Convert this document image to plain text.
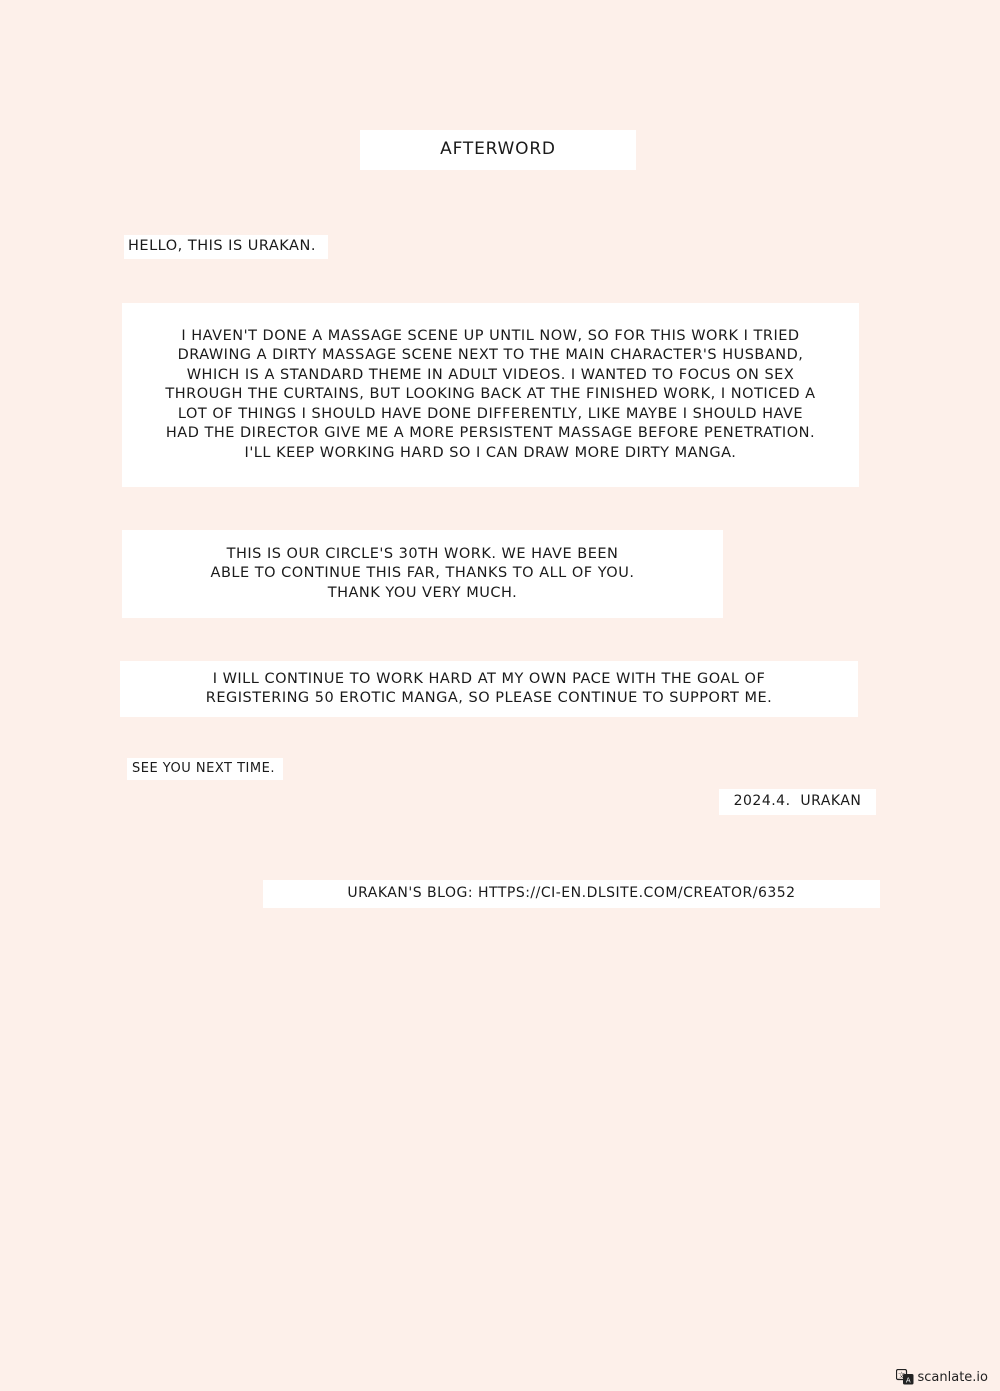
AFTERWORD
HELLO, THIS IS URAKAN.
I HAVEN'T DONE A MASSAGE SCENE UP UNTIL NOW, SO FOR THIS WORK I TRIED
DRAWING A DIRTY MASSAGE SCENE NEXT TO THE MAIN CHARACTER'S HUSBAND,
WHICH IS A STANDARD THEME IN ADULT VIDEOS. I WANTED TO FOCUS ON SEX
THROUGH THE CURTAINS, BUT LOOKING BACK AT THE FINISHED WORK, I NOTICED A
LOT OF THINGS I SHOULD HAVE DONE DIFFERENTLY, LIKE MAYBE I SHOULD HAVE
HAD THE DIRECTOR GIVE ME A MORE PERSISTENT MASSAGE BEFORE PENETRATION.
I'LL KEEP WORKING HARD SO I CAN DRAW MORE DIRTY MANGA.
THIS IS OUR CIRCLE'S 30TH WORK. WE HAVE BEEN
ABLE TO CONTINUE THIS FAR, THANKS TO ALL OF YOU.
THANK YOU VERY MUCH.
I WILL CONTINUE TO WORK HARD AT MY OWN PACE WITH THE GOAL OF
REGISTERING 50 EROTIC MANGA, SO PLEASE CONTINUE TO SUPPORT ME.
SEE YOU NEXT TIME.
2024.4.  URAKAN
URAKAN'S BLOG: HTTPS://CI-EN.DLSITE.COM/CREATOR/6352
文
A scanlate.io
